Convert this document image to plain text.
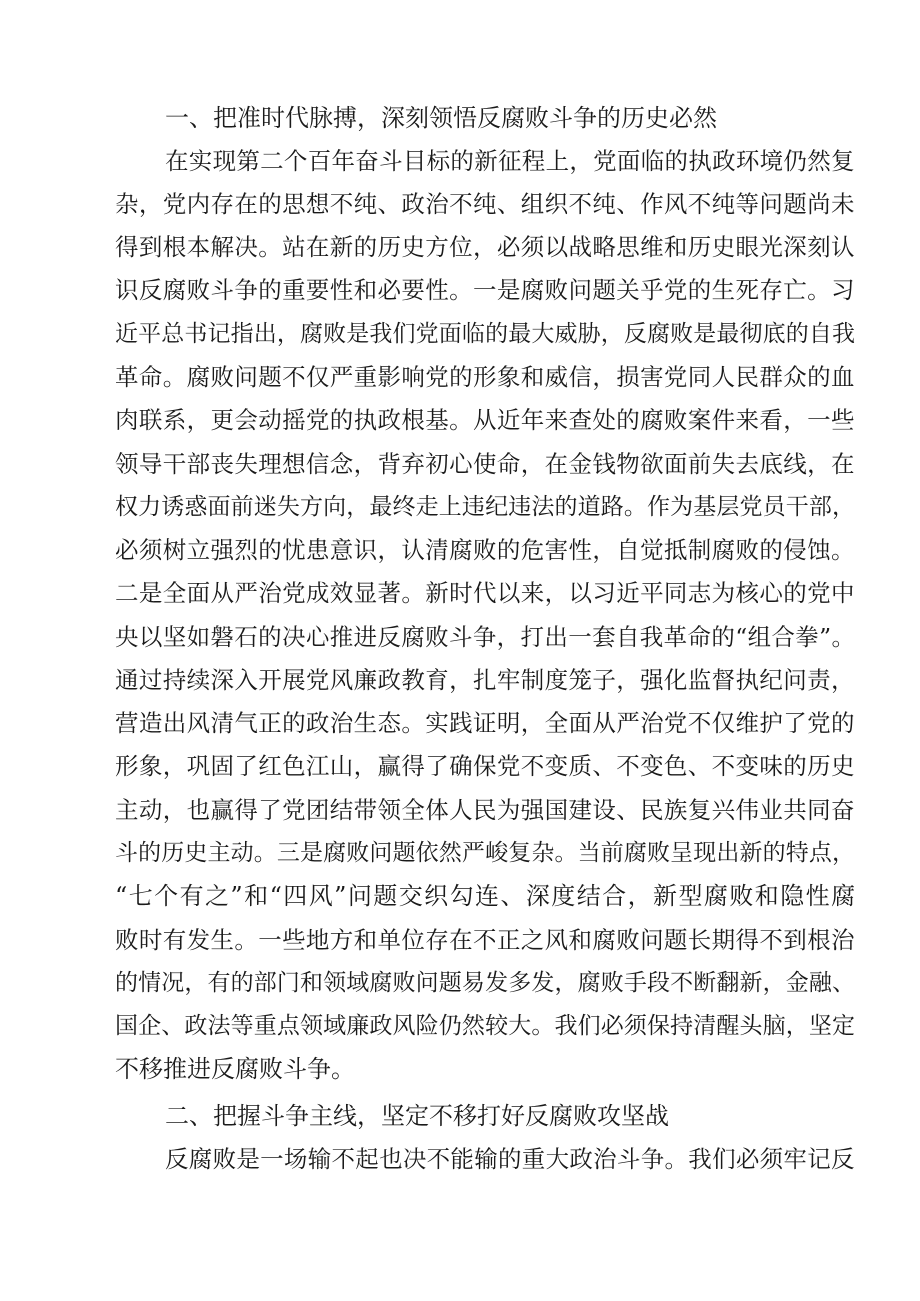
一、把准时代脉搏，深刻领悟反腐败斗争的历史必然

在实现第二个百年奋斗目标的新征程上，党面临的执政环境仍然复

杂，党内存在的思想不纯、政治不纯、组织不纯、作风不纯等问题尚未

得到根本解决。站在新的历史方位，必须以战略思维和历史眼光深刻认

识反腐败斗争的重要性和必要性。一是腐败问题关乎党的生死存亡。习

近平总书记指出，腐败是我们党面临的最大威胁，反腐败是最彻底的自我

革命。腐败问题不仅严重影响党的形象和威信，损害党同人民群众的血

肉联系，更会动摇党的执政根基。从近年来查处的腐败案件来看，一些

领导干部丧失理想信念，背弃初心使命，在金钱物欲面前失去底线，在

权力诱惑面前迷失方向，最终走上违纪违法的道路。作为基层党员干部，

必须树立强烈的忧患意识，认清腐败的危害性，自觉抵制腐败的侵蚀。

二是全面从严治党成效显著。新时代以来，以习近平同志为核心的党中

央以坚如磐石的决心推进反腐败斗争，打出一套自我革命的“组合拳”。

通过持续深入开展党风廉政教育，扎牢制度笼子，强化监督执纪问责，

营造出风清气正的政治生态。实践证明，全面从严治党不仅维护了党的

形象，巩固了红色江山，赢得了确保党不变质、不变色、不变味的历史

主动，也赢得了党团结带领全体人民为强国建设、民族复兴伟业共同奋

斗的历史主动。三是腐败问题依然严峻复杂。当前腐败呈现出新的特点，

“七个有之”和“四风”问题交织勾连、深度结合，新型腐败和隐性腐

败时有发生。一些地方和单位存在不正之风和腐败问题长期得不到根治

的情况，有的部门和领域腐败问题易发多发，腐败手段不断翻新，金融、

国企、政法等重点领域廉政风险仍然较大。我们必须保持清醒头脑，坚定

不移推进反腐败斗争。

二、把握斗争主线，坚定不移打好反腐败攻坚战

反腐败是一场输不起也决不能输的重大政治斗争。我们必须牢记反
